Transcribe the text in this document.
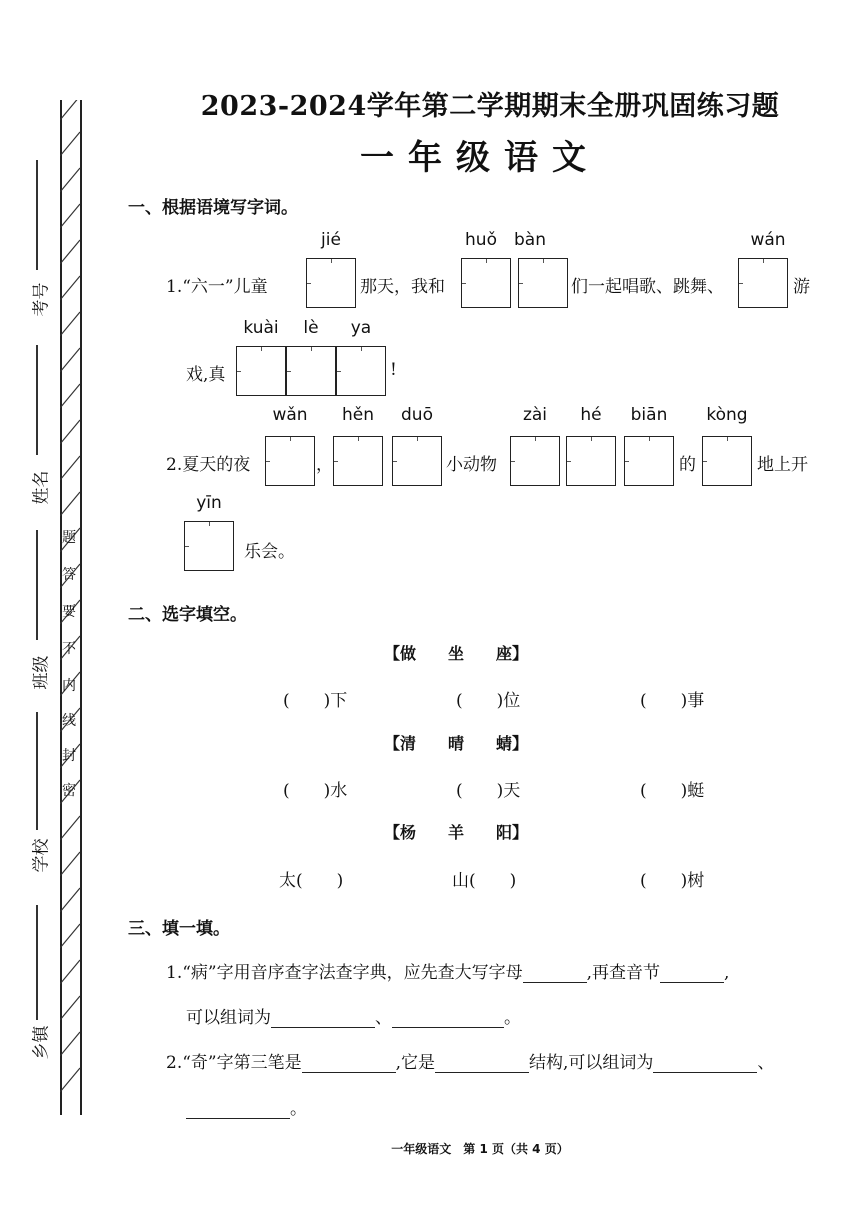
考号
姓名
班级
学校
乡镇
密
封
线
内
不
要
答
题
2023-2024学年第二学期期末全册巩固练习题
一年级语文
一、根据语境写字词。
jié	huǒ	bàn	wán
1.“六一”儿童	那天，我和	们一起唱歌、跳舞、	游
kuài	lè	ya
戏,真	!
wǎn	hěn	duō	zài	hé	biān	kòng
2.夏天的夜	，	小动物	的	地上开
yīn
乐会。
二、选字填空。
【做　　坐　　座】
(　　)下	(　　)位	(　　)事
【清　　晴　　蜻】
(　　)水	(　　)天	(　　)蜓
【杨　　羊　　阳】
太(　　)	山(　　)	(　　)树
三、填一填。
1.“病”字用音序查字法查字典，应先查大写字母	,再查音节	,
可以组词为	、	。
2.“奇”字第三笔是	,它是	结构,可以组词为	、
。
一年级语文　第 1 页（共 4 页）
